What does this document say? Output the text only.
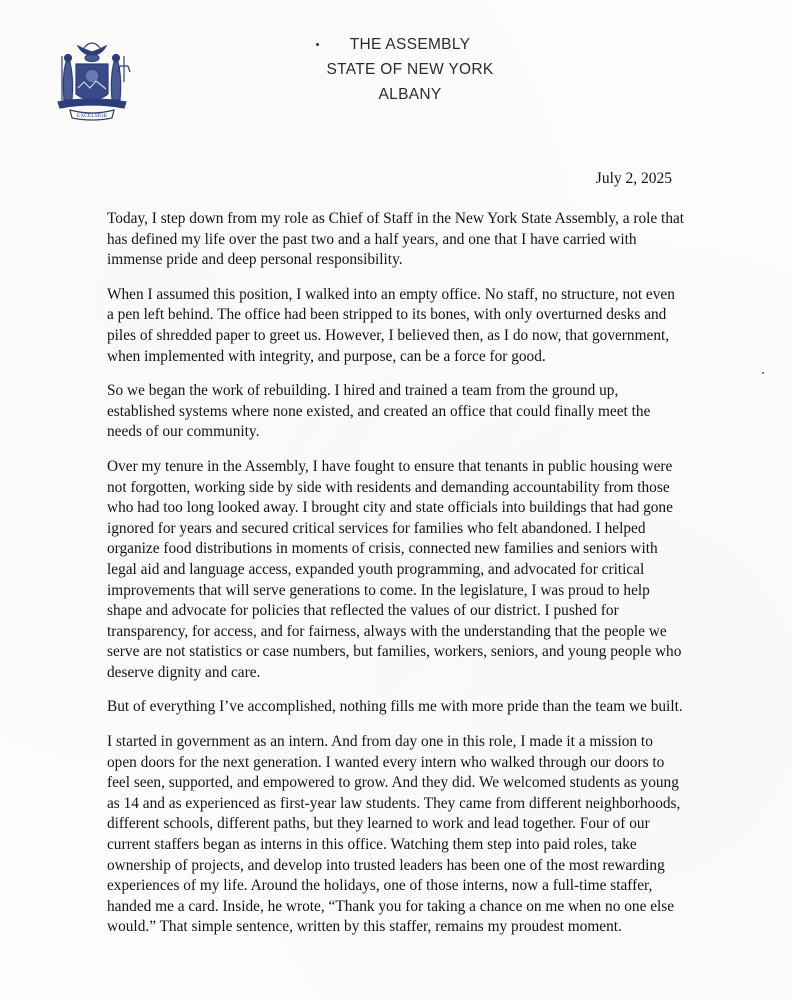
EXCELSIOR
THE ASSEMBLY
STATE OF NEW YORK
ALBANY
July 2, 2025

Today, I step down from my role as Chief of Staff in the New York State Assembly, a role that has defined my life over the past two and a half years, and one that I have carried with immense pride and deep personal responsibility.

When I assumed this position, I walked into an empty office. No staff, no structure, not even a pen left behind. The office had been stripped to its bones, with only overturned desks and piles of shredded paper to greet us. However, I believed then, as I do now, that government, when implemented with integrity, and purpose, can be a force for good.

So we began the work of rebuilding. I hired and trained a team from the ground up, established systems where none existed, and created an office that could finally meet the needs of our community.

Over my tenure in the Assembly, I have fought to ensure that tenants in public housing were not forgotten, working side by side with residents and demanding accountability from those who had too long looked away. I brought city and state officials into buildings that had gone ignored for years and secured critical services for families who felt abandoned. I helped organize food distributions in moments of crisis, connected new families and seniors with legal aid and language access, expanded youth programming, and advocated for critical improvements that will serve generations to come. In the legislature, I was proud to help shape and advocate for policies that reflected the values of our district. I pushed for transparency, for access, and for fairness, always with the understanding that the people we serve are not statistics or case numbers, but families, workers, seniors, and young people who deserve dignity and care.

But of everything I’ve accomplished, nothing fills me with more pride than the team we built.

I started in government as an intern. And from day one in this role, I made it a mission to open doors for the next generation. I wanted every intern who walked through our doors to feel seen, supported, and empowered to grow. And they did. We welcomed students as young as 14 and as experienced as first-year law students. They came from different neighborhoods, different schools, different paths, but they learned to work and lead together. Four of our current staffers began as interns in this office. Watching them step into paid roles, take ownership of projects, and develop into trusted leaders has been one of the most rewarding experiences of my life. Around the holidays, one of those interns, now a full-time staffer, handed me a card. Inside, he wrote, “Thank you for taking a chance on me when no one else would.” That simple sentence, written by this staffer, remains my proudest moment.
